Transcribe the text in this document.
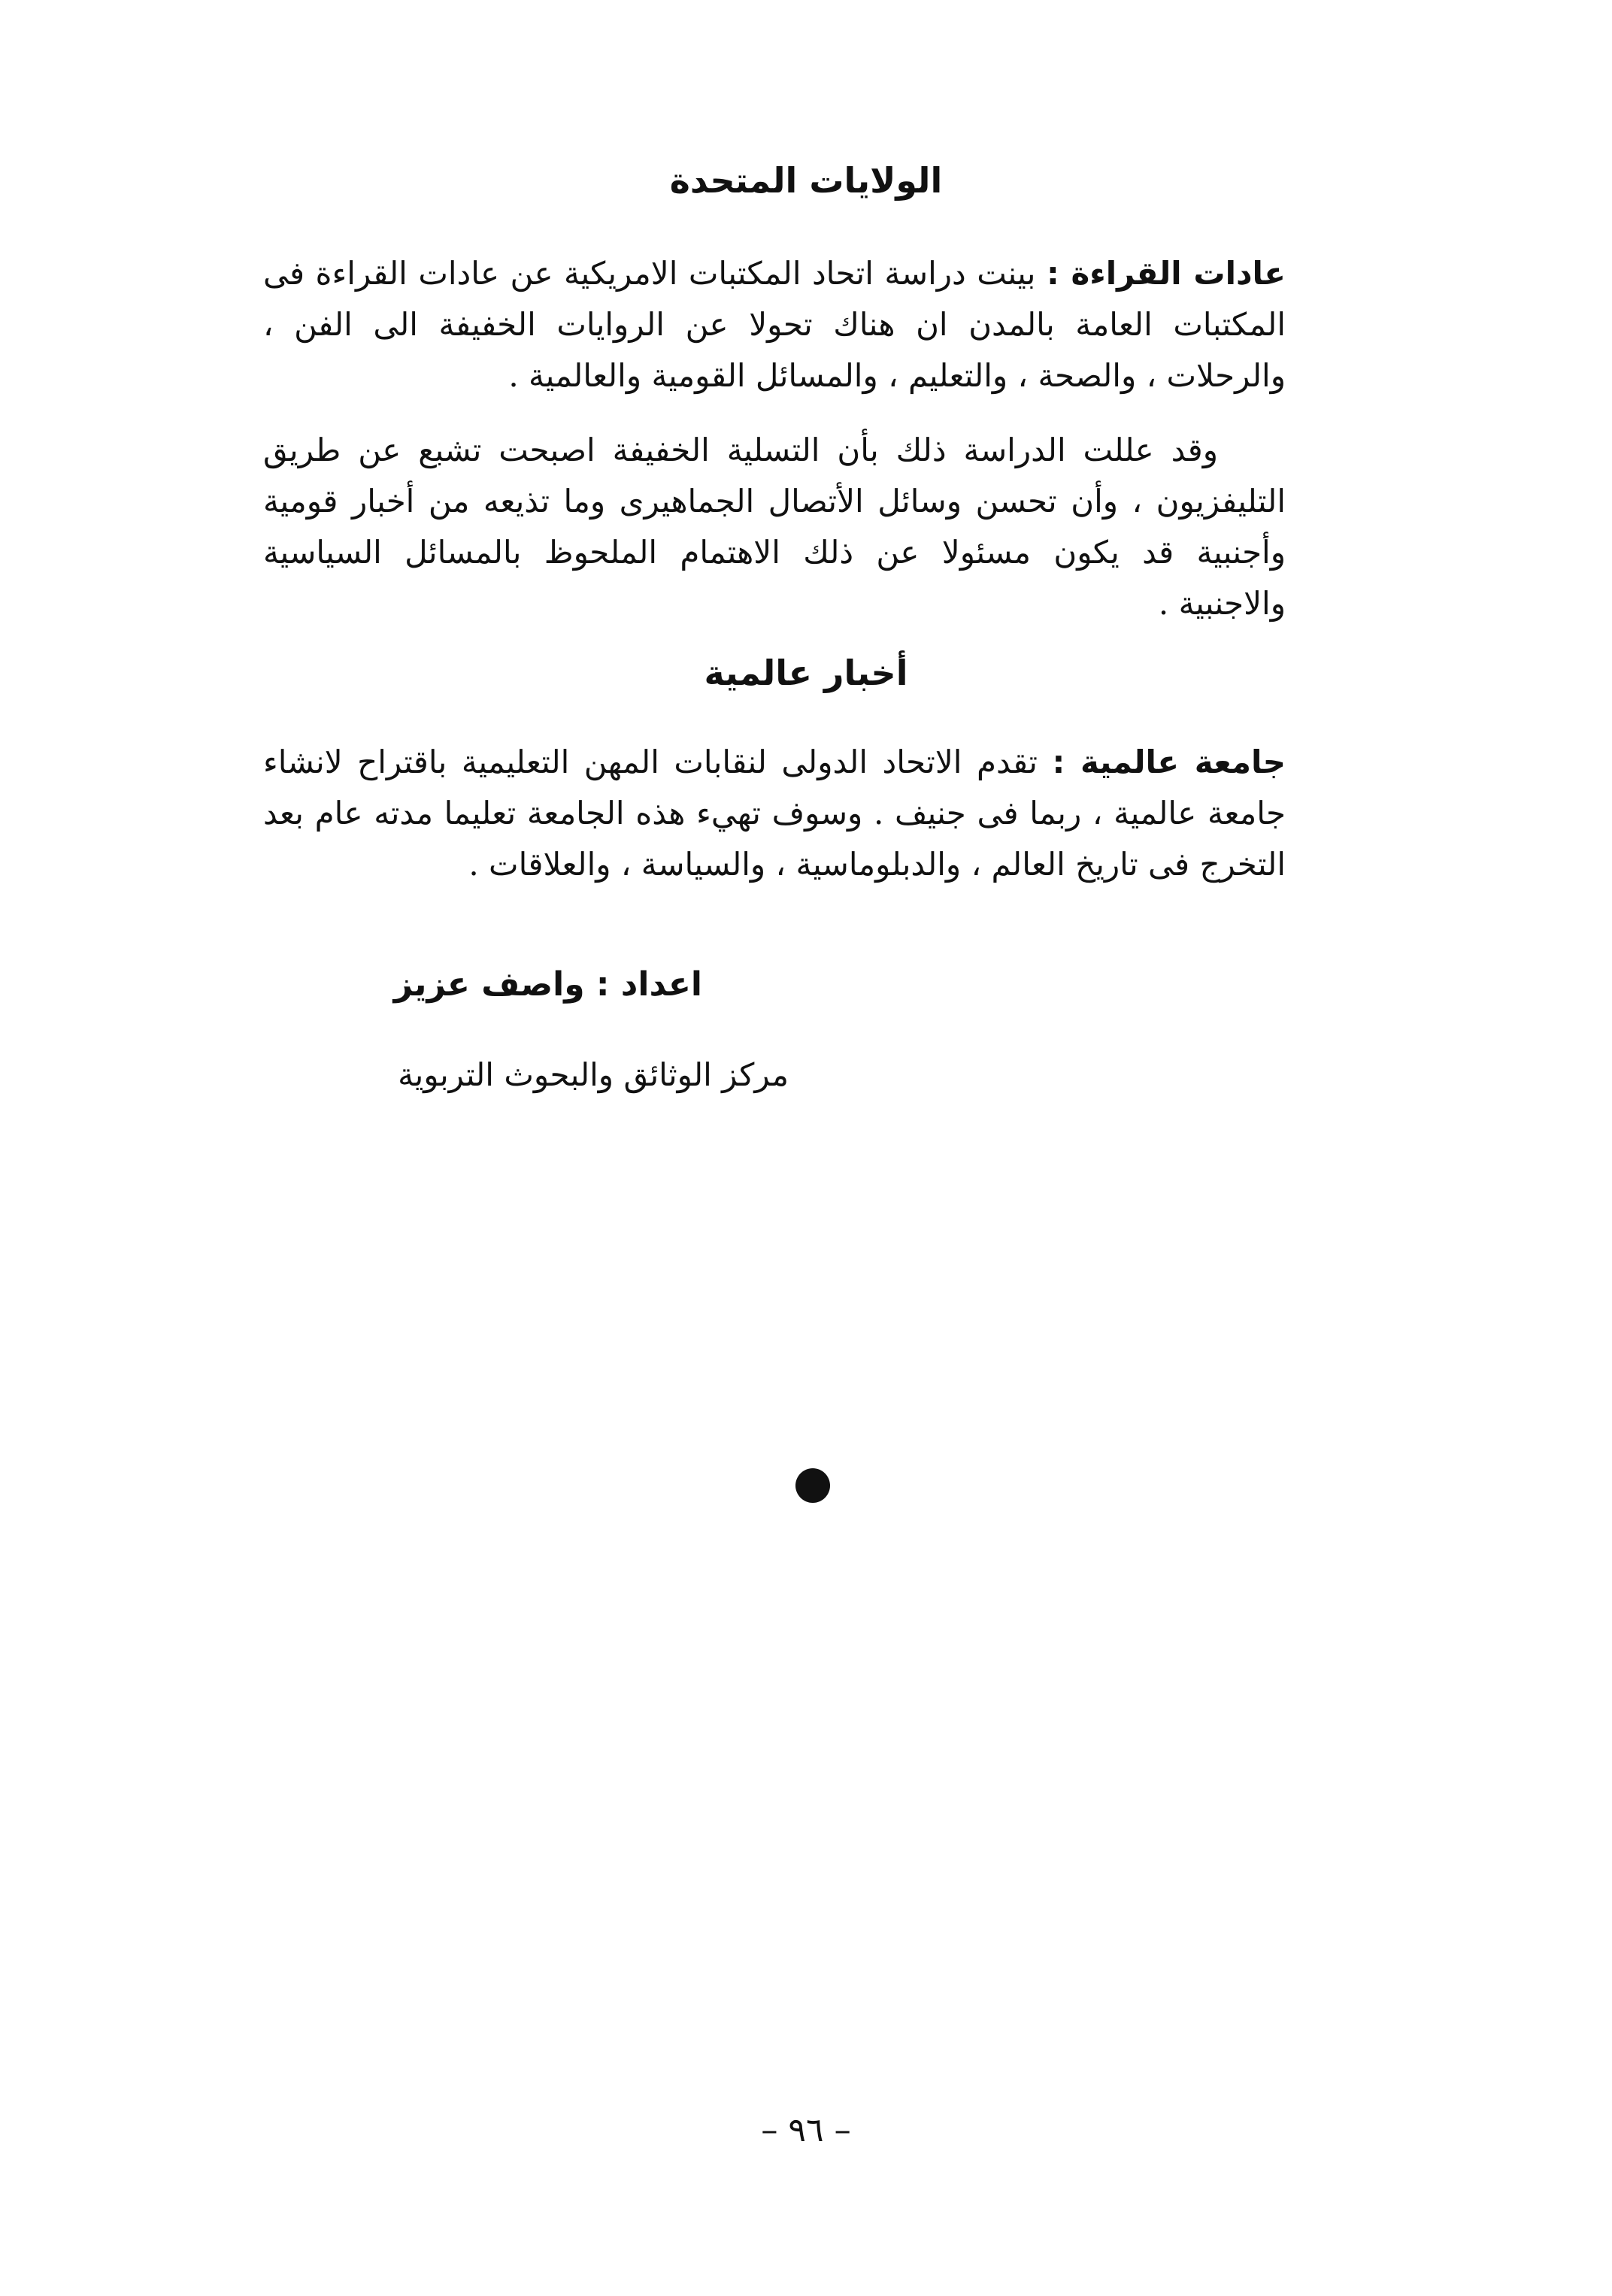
الولايات المتحدة

عادات القراءة : بينت دراسة اتحاد المكتبات الامريكية عن عادات القراءة فى المكتبات العامة بالمدن ان هناك تحولا عن الروايات الخفيفة الى الفن ، والرحلات ، والصحة ، والتعليم ، والمسائل القومية والعالمية .

وقد عللت الدراسة ذلك بأن التسلية الخفيفة اصبحت تشبع عن طريق التليفزيون ، وأن تحسن وسائل الأتصال الجماهيرى وما تذيعه من أخبار قومية وأجنبية قد يكون مسئولا عن ذلك الاهتمام الملحوظ بالمسائل السياسية والاجنبية .

أخبار عالمية

جامعة عالمية : تقدم الاتحاد الدولى لنقابات المهن التعليمية باقتراح لانشاء جامعة عالمية ، ربما فى جنيف . وسوف تهيء هذه الجامعة تعليما مدته عام بعد التخرج فى تاريخ العالم ، والدبلوماسية ، والسياسة ، والعلاقات .

اعداد : واصف عزيز

مركز الوثائق والبحوث التربوية

– ٩٦ –
